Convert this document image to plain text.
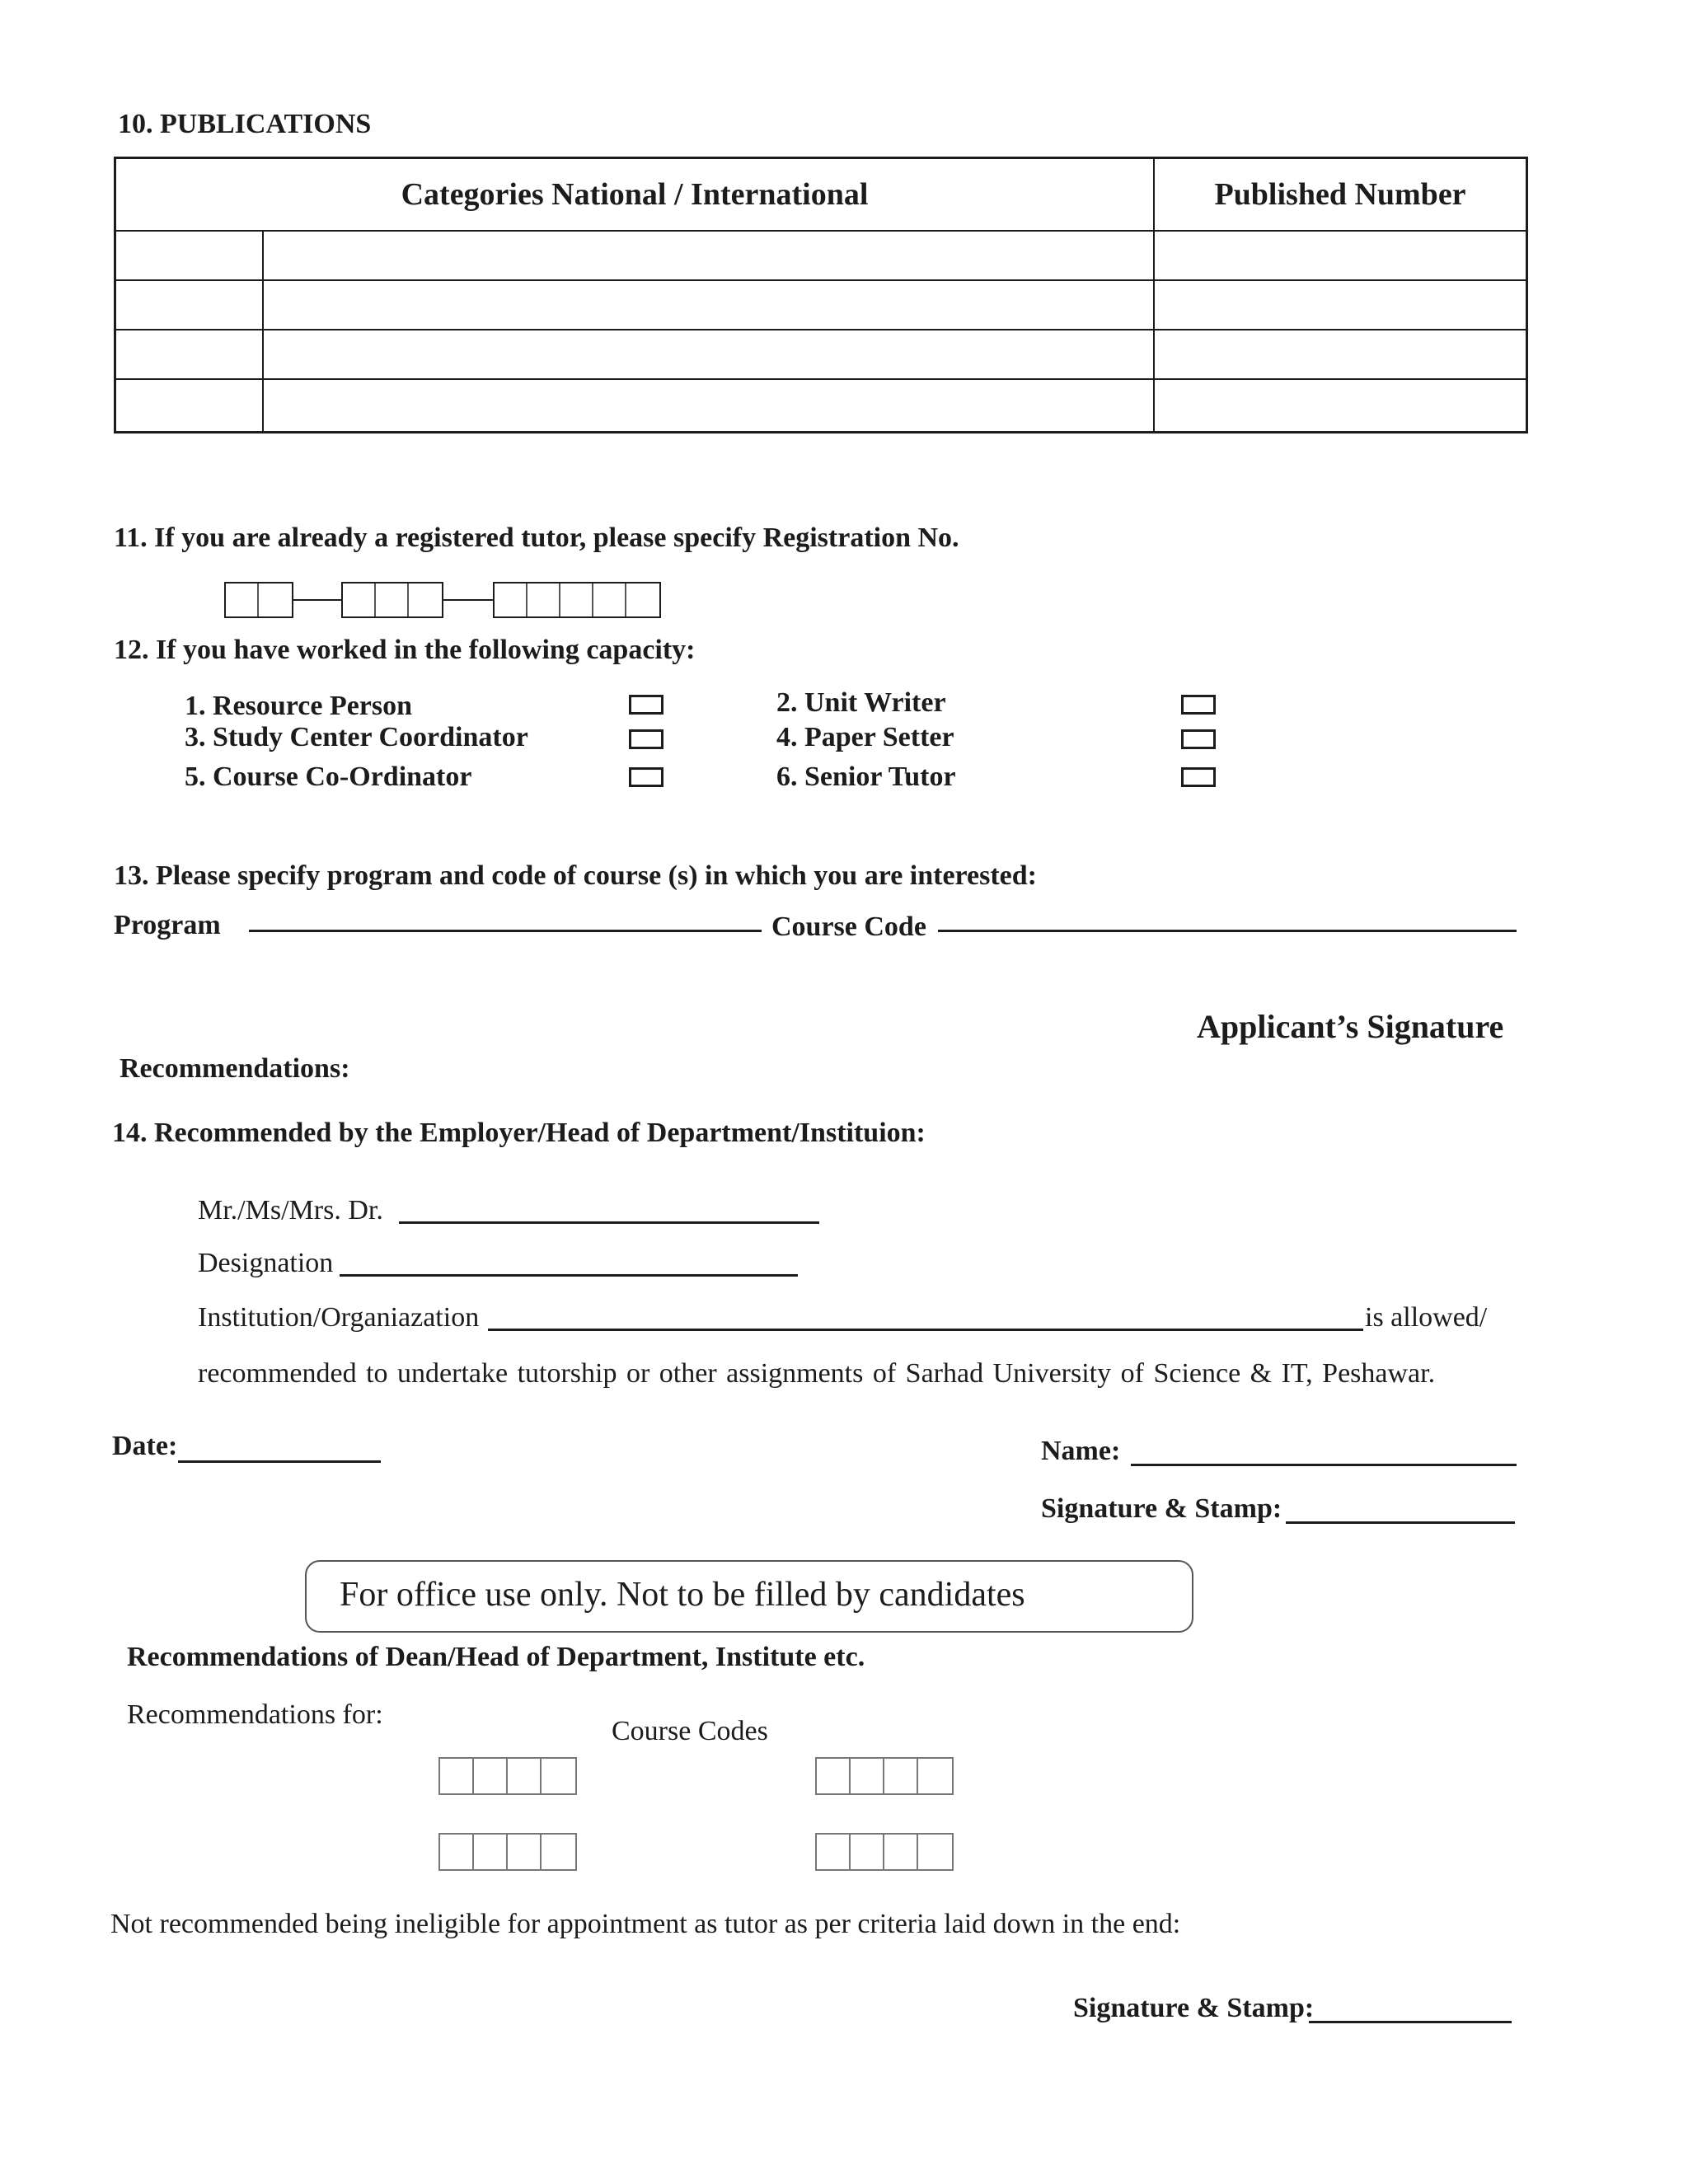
10. PUBLICATIONS
Categories National / International		Published Number

11. If you are already a registered tutor, please specify Registration No.
12. If you have worked in the following capacity:
1. Resource Person	2. Unit Writer
3. Study Center Coordinator	4. Paper Setter
5. Course Co-Ordinator	6. Senior Tutor
13. Please specify program and code of course (s) in which you are interested:
Program	Course Code
Applicant’s Signature
Recommendations:
14. Recommended by the Employer/Head of Department/Instituion:
Mr./Ms/Mrs. Dr.
Designation
Institution/Organiazation	is allowed/
recommended to undertake tutorship or other assignments of Sarhad University of Science & IT, Peshawar.
Date:	Name:
Signature & Stamp:
For office use only. Not to be filled by candidates
Recommendations of Dean/Head of Department, Institute etc.
Recommendations for:
Course Codes
Not recommended being ineligible for appointment as tutor as per criteria laid down in the end:
Signature & Stamp:
